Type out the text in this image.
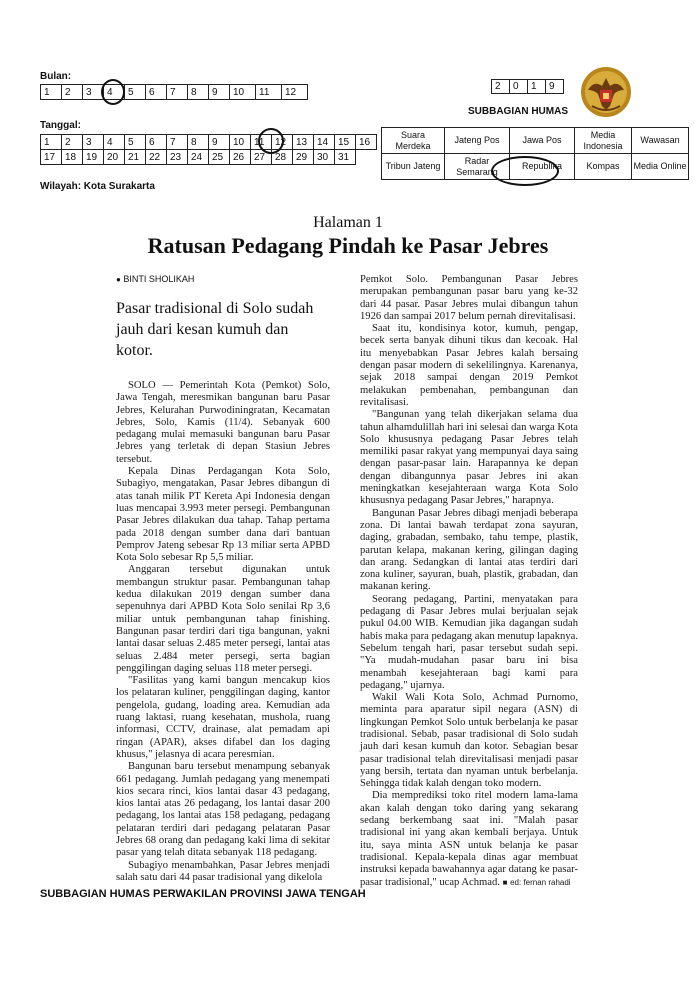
Bulan:
1	2	3	4	5	6	7	8	9	10	11	12
Tanggal:
1	2	3	4	5	6	7	8	9	10	11	12	13	14	15	16
17	18	19	20	21	22	23	24	25	26	27	28	29	30	31	
Wilayah: Kota Surakarta
2	0	1	9
SUBBAGIAN HUMAS
Suara Merdeka	Jateng Pos	Jawa Pos	Media Indonesia	Wawasan
Tribun Jateng	Radar Semarang	Republika	Kompas	Media Online
Halaman 1
Ratusan Pedagang Pindah ke Pasar Jebres
● BINTI SHOLIKAH
Pasar tradisional di Solo sudah jauh dari kesan kumuh dan kotor.

SOLO — Pemerintah Kota (Pemkot) Solo, Jawa Tengah, meresmikan bangunan baru Pasar Jebres, Kelurahan Purwodiningratan, Kecamatan Jebres, Solo, Kamis (11/4). Sebanyak 600 pedagang mulai memasuki bangunan baru Pasar Jebres yang terletak di depan Stasiun Jebres tersebut.

Kepala Dinas Perdagangan Kota Solo, Subagiyo, mengatakan, Pasar Jebres dibangun di atas tanah milik PT Kereta Api Indonesia dengan luas mencapai 3.993 meter persegi. Pembangunan Pasar Jebres dilakukan dua tahap. Tahap pertama pada 2018 dengan sumber dana dari bantuan Pemprov Jateng sebesar Rp 13 miliar serta APBD Kota Solo sebesar Rp 5,5 miliar.

Anggaran tersebut digunakan untuk membangun struktur pasar. Pembangunan tahap kedua dilakukan 2019 dengan sumber dana sepenuhnya dari APBD Kota Solo senilai Rp 3,6 miliar untuk pembangunan tahap finishing. Bangunan pasar terdiri dari tiga bangunan, yakni lantai dasar seluas 2.485 meter persegi, lantai atas seluas 2.484 meter persegi, serta bagian penggilingan daging seluas 118 meter persegi.

"Fasilitas yang kami bangun mencakup kios los pelataran kuliner, penggilingan daging, kantor pengelola, gudang, loading area. Kemudian ada ruang laktasi, ruang kesehatan, mushola, ruang informasi, CCTV, drainase, alat pemadam api ringan (APAR), akses difabel dan los daging khusus," jelasnya di acara peresmian.

Bangunan baru tersebut menampung sebanyak 661 pedagang. Jumlah pedagang yang menempati kios secara rinci, kios lantai dasar 43 pedagang, kios lantai atas 26 pedagang, los lantai dasar 200 pedagang, los lantai atas 158 pedagang, pedagang pelataran terdiri dari pedagang pelataran Pasar Jebres 68 orang dan pedagang kaki lima di sekitar pasar yang telah ditata sebanyak 118 pedagang.

Subagiyo menambahkan, Pasar Jebres menjadi salah satu dari 44 pasar tradisional yang dikelola

Pemkot Solo. Pembangunan Pasar Jebres merupakan pembangunan pasar baru yang ke-32 dari 44 pasar. Pasar Jebres mulai dibangun tahun 1926 dan sampai 2017 belum pernah direvitalisasi.

Saat itu, kondisinya kotor, kumuh, pengap, becek serta banyak dihuni tikus dan kecoak. Hal itu menyebabkan Pasar Jebres kalah bersaing dengan pasar modern di sekelilingnya. Karenanya, sejak 2018 sampai dengan 2019 Pemkot melakukan pembenahan, pembangunan dan revitalisasi.

"Bangunan yang telah dikerjakan selama dua tahun alhamdulillah hari ini selesai dan warga Kota Solo khususnya pedagang Pasar Jebres telah memiliki pasar rakyat yang mempunyai daya saing dengan pasar-pasar lain. Harapannya ke depan dengan dibangunnya pasar Jebres ini akan meningkatkan kesejahteraan warga Kota Solo khususnya pedagang Pasar Jebres," harapnya.

Bangunan Pasar Jebres dibagi menjadi beberapa zona. Di lantai bawah terdapat zona sayuran, daging, grabadan, sembako, tahu tempe, plastik, parutan kelapa, makanan kering, gilingan daging dan arang. Sedangkan di lantai atas terdiri dari zona kuliner, sayuran, buah, plastik, grabadan, dan makanan kering.

Seorang pedagang, Partini, menyatakan para pedagang di Pasar Jebres mulai berjualan sejak pukul 04.00 WIB. Kemudian jika dagangan sudah habis maka para pedagang akan menutup lapaknya. Sebelum tengah hari, pasar tersebut sudah sepi. "Ya mudah-mudahan pasar baru ini bisa menambah kesejahteraan bagi kami para pedagang," ujarnya.

Wakil Wali Kota Solo, Achmad Purnomo, meminta para aparatur sipil negara (ASN) di lingkungan Pemkot Solo untuk berbelanja ke pasar tradisional. Sebab, pasar tradisional di Solo sudah jauh dari kesan kumuh dan kotor. Sebagian besar pasar tradisional telah direvitalisasi menjadi pasar yang bersih, tertata dan nyaman untuk berbelanja. Sehingga tidak kalah dengan toko modern.

Dia memprediksi toko ritel modern lama-lama akan kalah dengan toko daring yang sekarang sedang berkembang saat ini. "Malah pasar tradisional ini yang akan kembali berjaya. Untuk itu, saya minta ASN untuk belanja ke pasar tradisional. Kepala-kepala dinas agar membuat instruksi kepada bawahannya agar datang ke pasar-pasar tradisional," ucap Achmad. ■ ed: fernan rahadi

SUBBAGIAN HUMAS PERWAKILAN PROVINSI JAWA TENGAH
